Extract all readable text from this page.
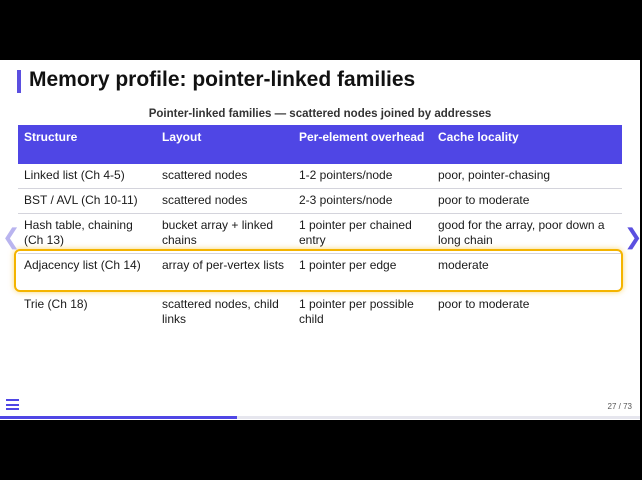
Memory profile: pointer-linked families
Pointer-linked families — scattered nodes joined by addresses
Structure	Layout	Per-element overhead	Cache locality
Linked list (Ch 4-5)	scattered nodes	1-2 pointers/node	poor, pointer-chasing
BST / AVL (Ch 10-11)	scattered nodes	2-3 pointers/node	poor to moderate
Hash table, chaining (Ch 13)	bucket array + linked chains	1 pointer per chained entry	good for the array, poor down a long chain
Adjacency list (Ch 14)	array of per-vertex lists	1 pointer per edge	moderate
Trie (Ch 18)	scattered nodes, child links	1 pointer per possible child	poor to moderate
❮	❯
27 / 73
